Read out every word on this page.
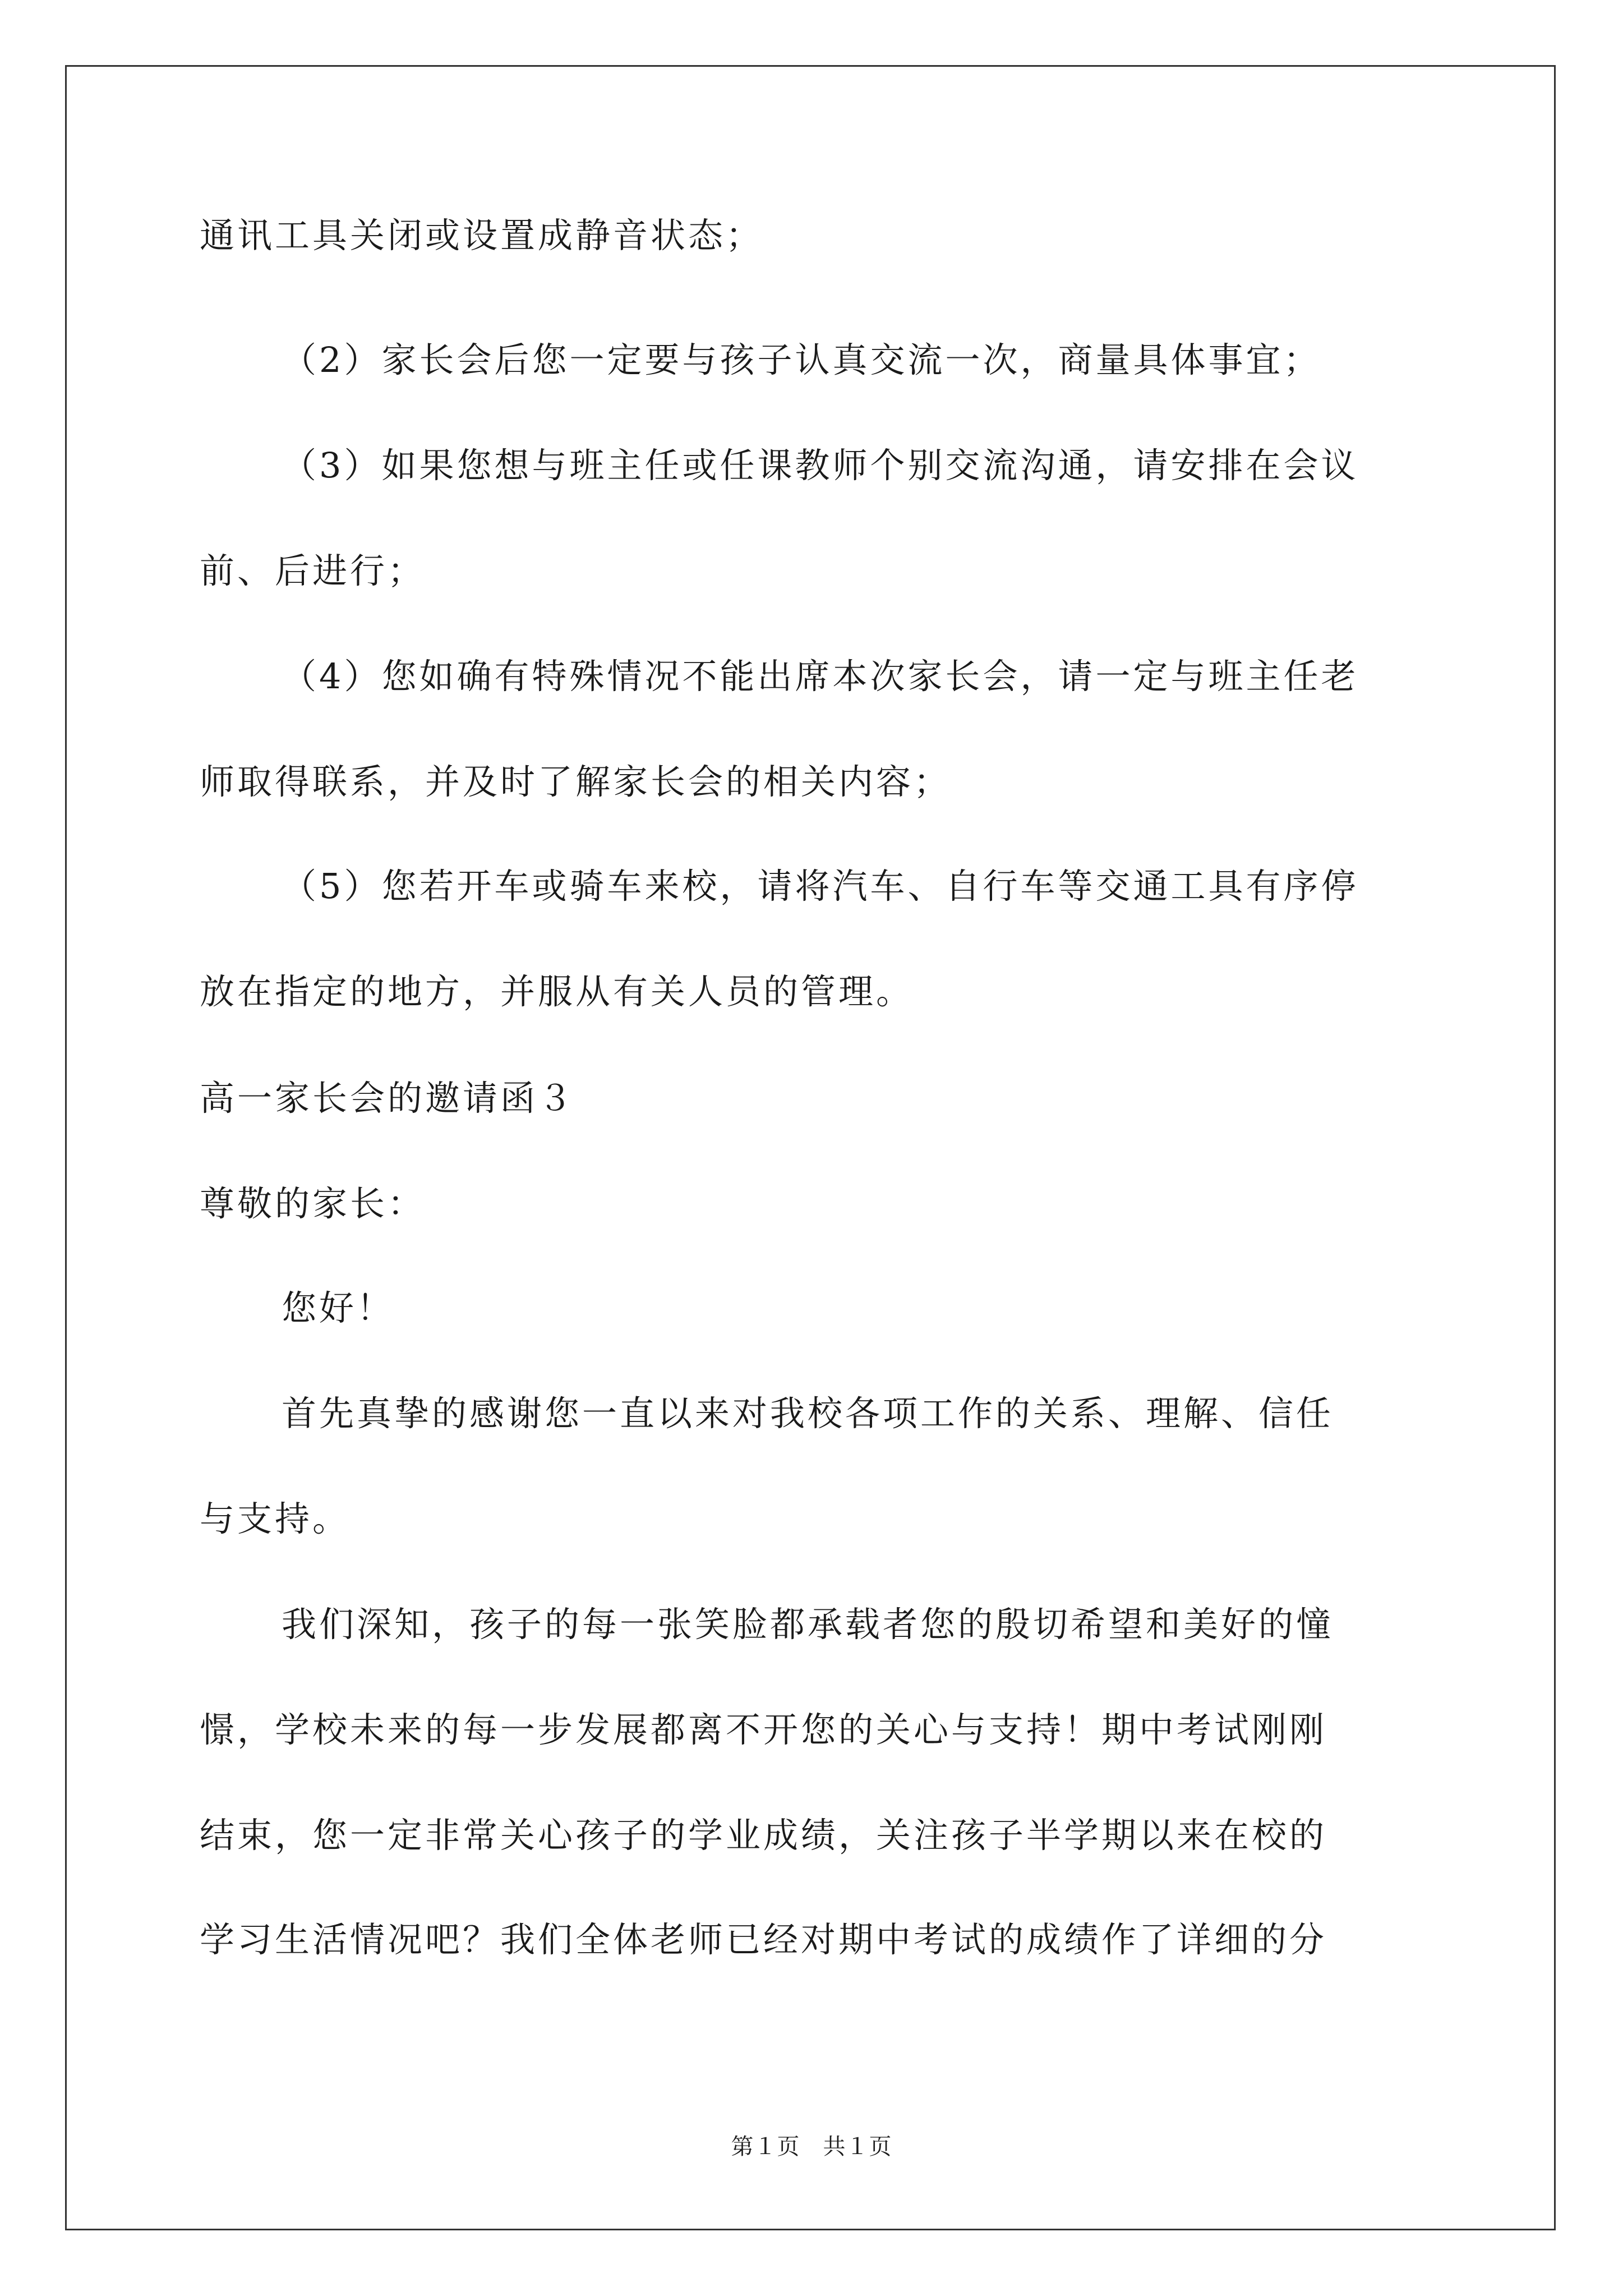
通讯工具关闭或设置成静音状态；
（2）家长会后您一定要与孩子认真交流一次，商量具体事宜；
（3）如果您想与班主任或任课教师个别交流沟通，请安排在会议
前、后进行；
（4）您如确有特殊情况不能出席本次家长会，请一定与班主任老
师取得联系，并及时了解家长会的相关内容；
（5）您若开车或骑车来校，请将汽车、自行车等交通工具有序停
放在指定的地方，并服从有关人员的管理。
高一家长会的邀请函３
尊敬的家长：
您好！
首先真挚的感谢您一直以来对我校各项工作的关系、理解、信任
与支持。
我们深知，孩子的每一张笑脸都承载者您的殷切希望和美好的憧
憬，学校未来的每一步发展都离不开您的关心与支持！期中考试刚刚
结束，您一定非常关心孩子的学业成绩，关注孩子半学期以来在校的
学习生活情况吧？我们全体老师已经对期中考试的成绩作了详细的分
第１页　共１页
